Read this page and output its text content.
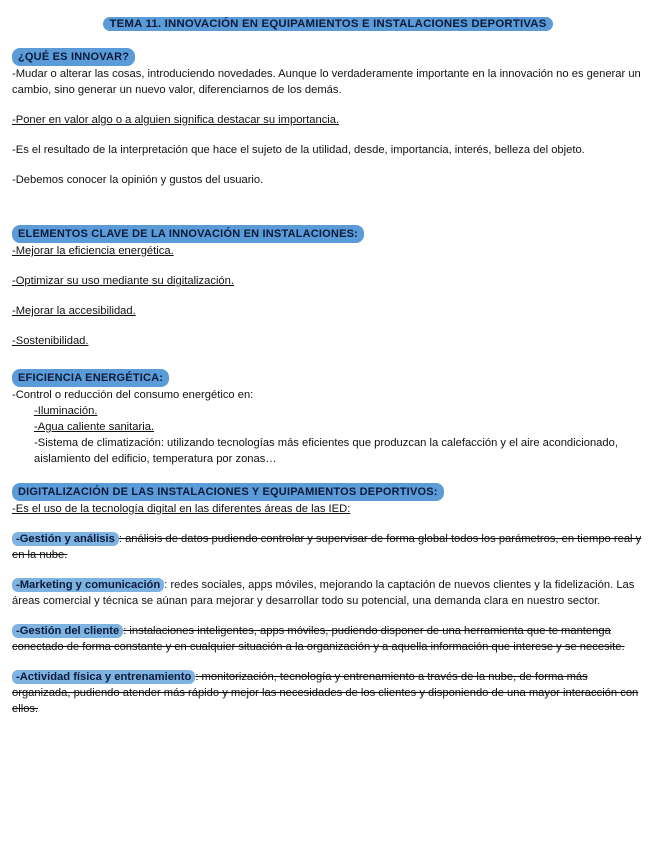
TEMA 11. INNOVACIÓN EN EQUIPAMIENTOS E INSTALACIONES DEPORTIVAS
¿QUÉ ES INNOVAR?

-Mudar o alterar las cosas, introduciendo novedades. Aunque lo verdaderamente importante en la innovación no es generar un cambio, sino generar un nuevo valor, diferenciarnos de los demás.

-Poner en valor algo o a alguien significa destacar su importancia.

-Es el resultado de la interpretación que hace el sujeto de la utilidad, desde, importancia, interés, belleza del objeto.

-Debemos conocer la opinión y gustos del usuario.

ELEMENTOS CLAVE DE LA INNOVACIÓN EN INSTALACIONES:

-Mejorar la eficiencia energética.

-Optimizar su uso mediante su digitalización.

-Mejorar la accesibilidad.

-Sostenibilidad.

EFICIENCIA ENERGÉTICA:

-Control o reducción del consumo energético en:

-Iluminación.

-Agua caliente sanitaria.

-Sistema de climatización: utilizando tecnologías más eficientes que produzcan la calefacción y el aire acondicionado, aislamiento del edificio, temperatura por zonas…

DIGITALIZACIÓN DE LAS INSTALACIONES Y EQUIPAMIENTOS DEPORTIVOS:

-Es el uso de la tecnología digital en las diferentes áreas de las IED:

-Gestión y análisis : análisis de datos pudiendo controlar y supervisar de forma global todos los parámetros, en tiempo real y en la nube.

-Marketing y comunicación : redes sociales, apps móviles, mejorando la captación de nuevos clientes y la fidelización. Las áreas comercial y técnica se aúnan para mejorar y desarrollar todo su potencial, una demanda clara en nuestro sector.

-Gestión del cliente : instalaciones inteligentes, apps móviles, pudiendo disponer de una herramienta que te mantenga conectado de forma constante y en cualquier situación a la organización y a aquella información que interese y se necesite.

-Actividad física y entrenamiento : monitorización, tecnología y entrenamiento a través de la nube, de forma más organizada, pudiendo atender más rápido y mejor las necesidades de los clientes y disponiendo de una mayor interacción con ellos.
